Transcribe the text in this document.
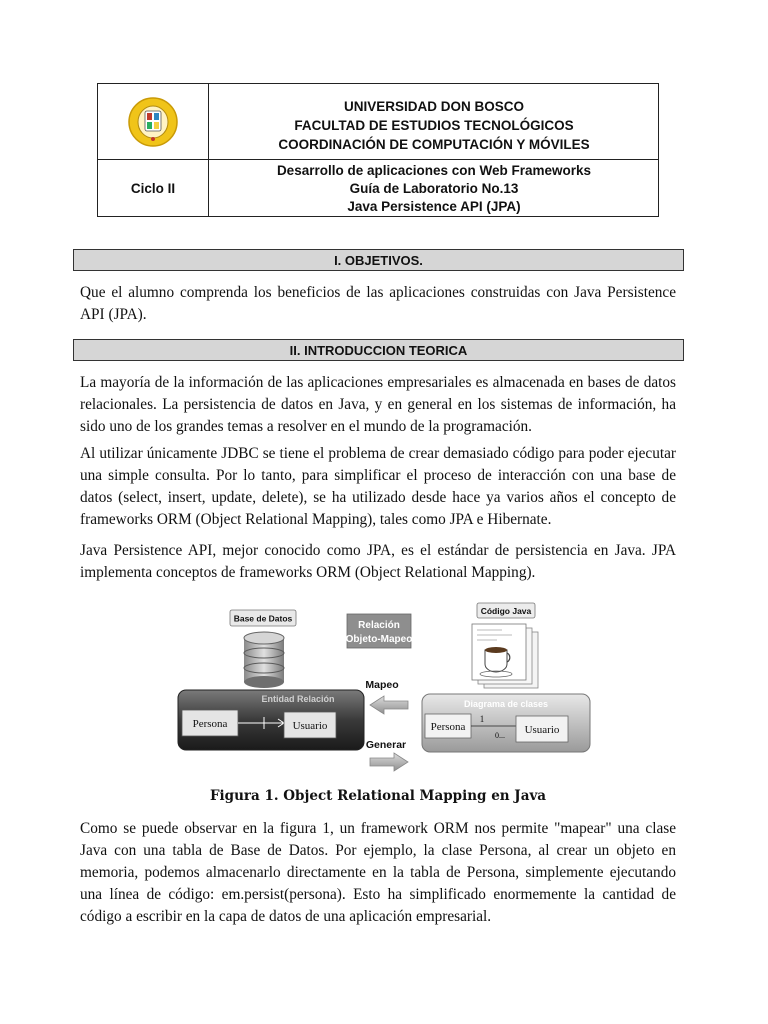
Ciclo II
UNIVERSIDAD DON BOSCO
FACULTAD DE ESTUDIOS TECNOLÓGICOS
COORDINACIÓN DE COMPUTACIÓN Y MÓVILES
Desarrollo de aplicaciones con Web Frameworks
Guía de Laboratorio No.13
Java Persistence API (JPA)
I. OBJETIVOS.
Que el alumno comprenda los beneficios de las aplicaciones construidas con Java Persistence API (JPA).
II. INTRODUCCION TEORICA
La mayoría de la información de las aplicaciones empresariales es almacenada en bases de datos relacionales. La persistencia de datos en Java, y en general en los sistemas de información, ha sido uno de los grandes temas a resolver en el mundo de la programación.
Al utilizar únicamente JDBC se tiene el problema de crear demasiado código para poder ejecutar una simple consulta. Por lo tanto, para simplificar el proceso de interacción con una base de datos (select, insert, update, delete), se ha utilizado desde hace ya varios años el concepto de frameworks ORM (Object Relational Mapping), tales como JPA e Hibernate.
Java Persistence API, mejor conocido como JPA, es el estándar de persistencia en Java. JPA implementa conceptos de frameworks ORM (Object Relational Mapping).
Base de Datos
Relación
Objeto-Mapeo
Código Java
Entidad Relación
Persona	Usuario
Mapeo
Generar
Diagrama de clases
Persona
1
0... Usuario
Figura 1. Object Relational Mapping en Java
Como se puede observar en la figura 1, un framework ORM nos permite "mapear" una clase Java con una tabla de Base de Datos. Por ejemplo, la clase Persona, al crear un objeto en memoria, podemos almacenarlo directamente en la tabla de Persona, simplemente ejecutando una línea de código: em.persist(persona). Esto ha simplificado enormemente la cantidad de código a escribir en la capa de datos de una aplicación empresarial.
